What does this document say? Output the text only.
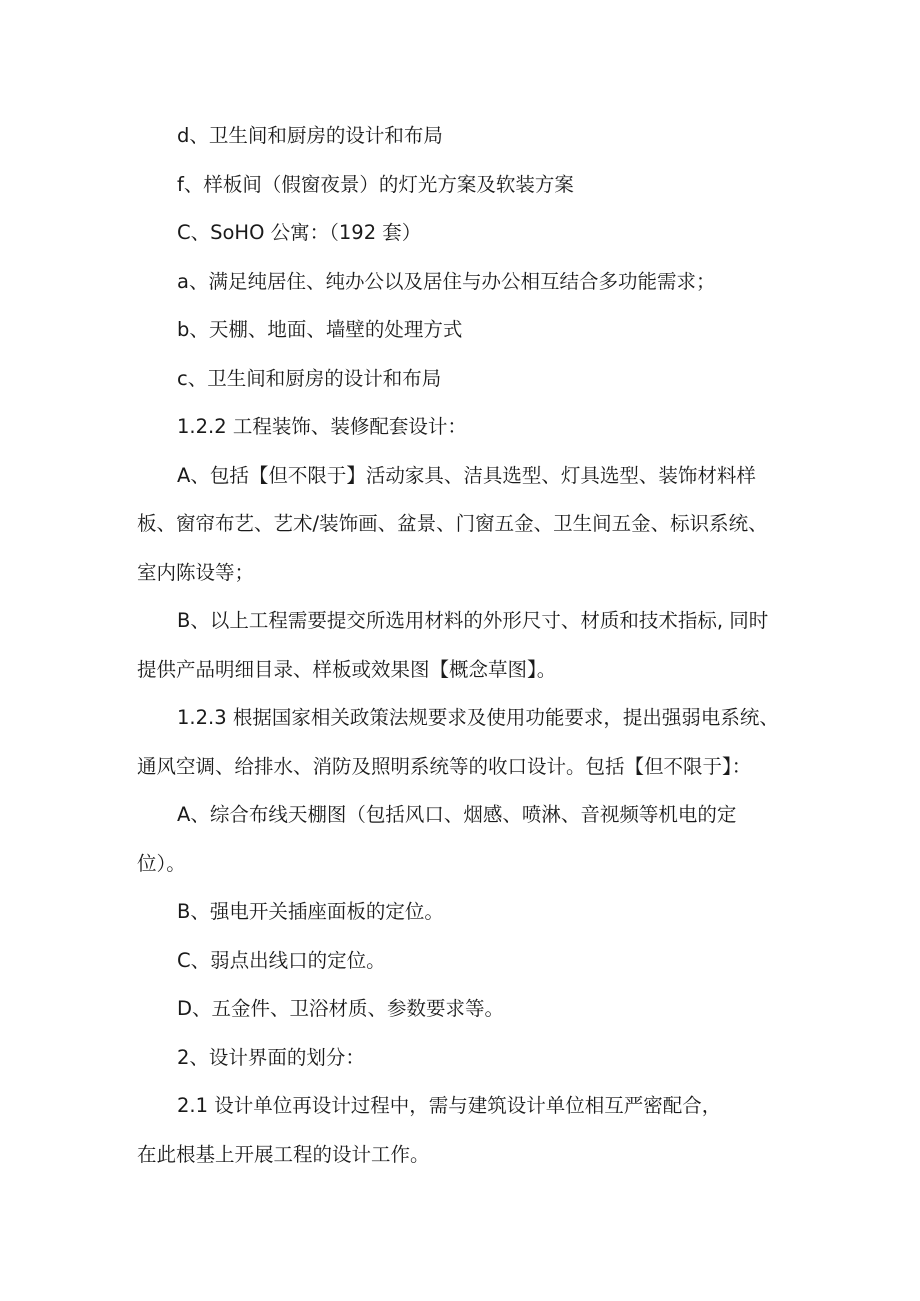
d、卫生间和厨房的设计和布局
f、样板间（假窗夜景）的灯光方案及软装方案
C、SoHO 公寓：（192 套）
a、满足纯居住、纯办公以及居住与办公相互结合多功能需求；
b、天棚、地面、墙壁的处理方式
c、卫生间和厨房的设计和布局
1.2.2 工程装饰、装修配套设计：
A、包括【但不限于】活动家具、洁具选型、灯具选型、装饰材料样
板、窗帘布艺、艺术/装饰画、盆景、门窗五金、卫生间五金、标识系统、
室内陈设等；
B、以上工程需要提交所选用材料的外形尺寸、材质和技术指标, 同时
提供产品明细目录、样板或效果图【概念草图】。
1.2.3 根据国家相关政策法规要求及使用功能要求，提出强弱电系统、
通风空调、给排水、消防及照明系统等的收口设计。包括【但不限于】：
A、综合布线天棚图（包括风口、烟感、喷淋、音视频等机电的定
位）。
B、强电开关插座面板的定位。
C、弱点出线口的定位。
D、五金件、卫浴材质、参数要求等。
2、设计界面的划分：
2.1 设计单位再设计过程中，需与建筑设计单位相互严密配合，
在此根基上开展工程的设计工作。
